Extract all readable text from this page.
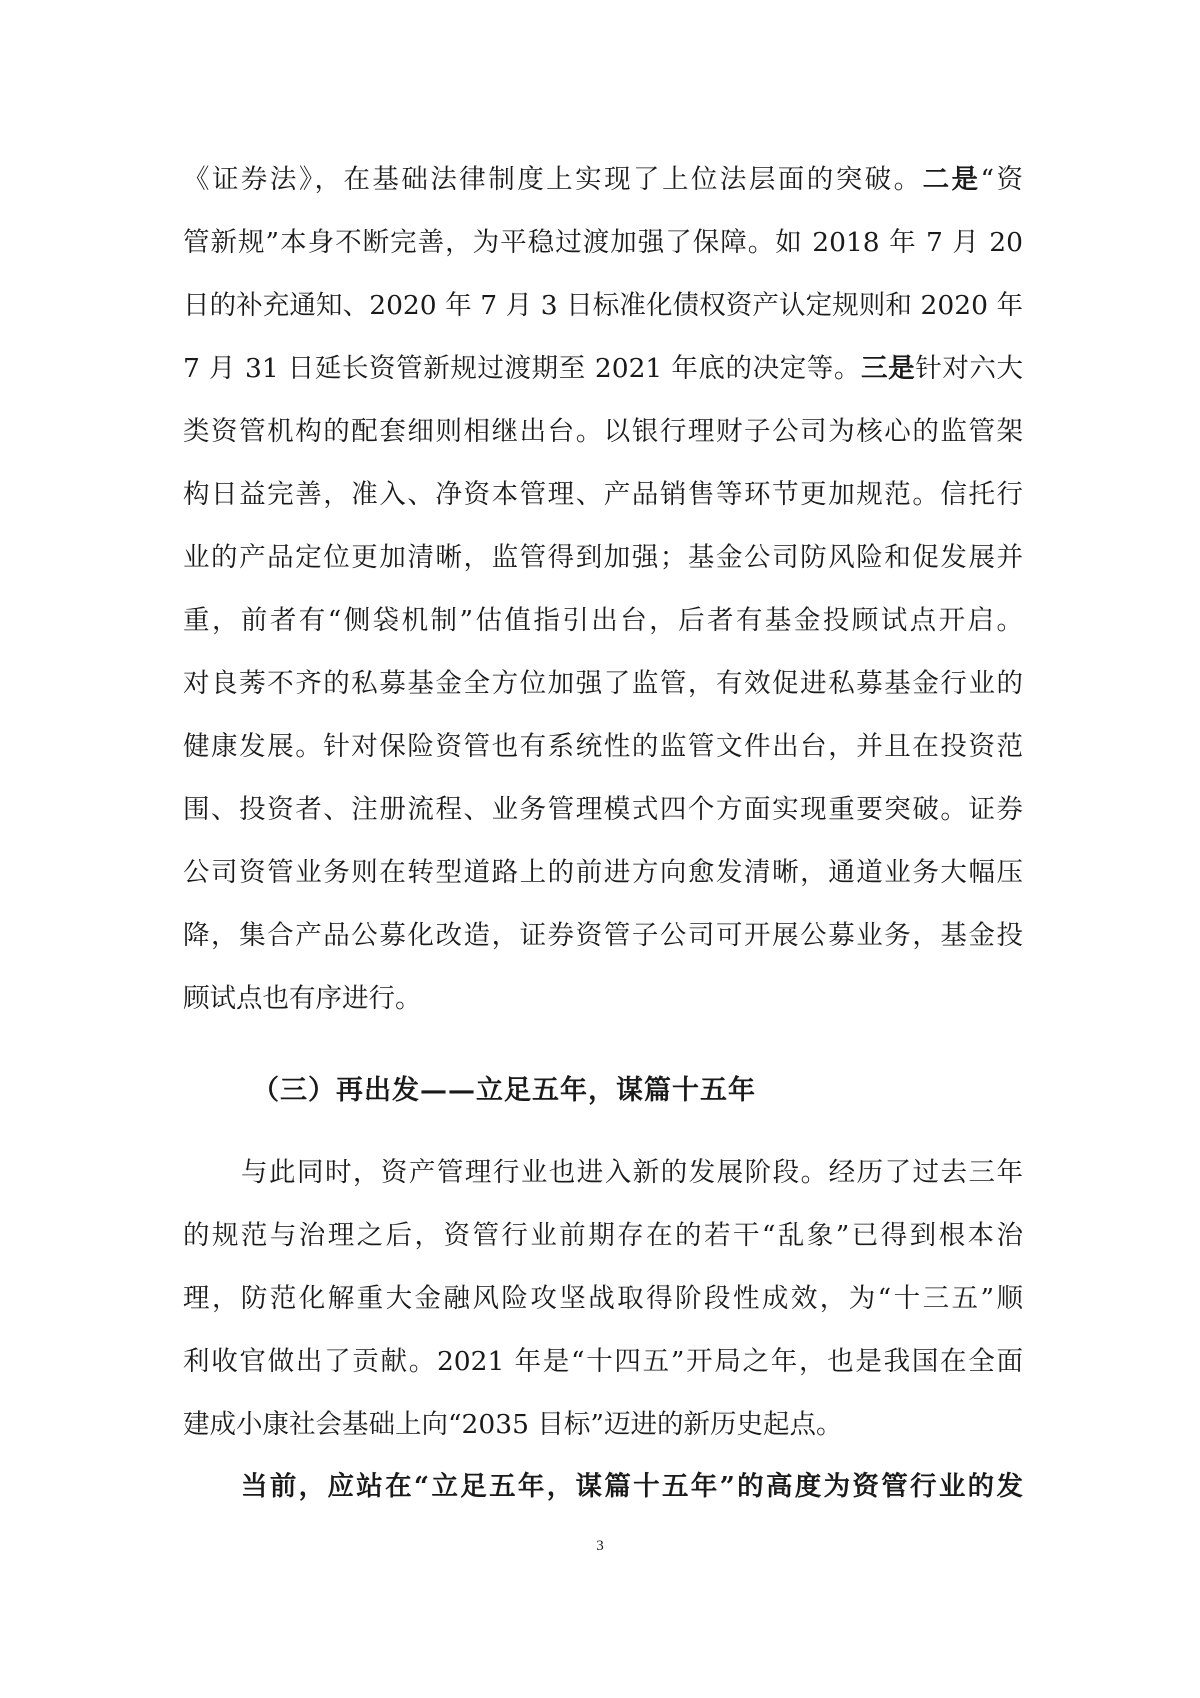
《证券法》，在基础法律制度上实现了上位法层面的突破。二是“资
管新规”本身不断完善，为平稳过渡加强了保障。如 2018 年 7 月 20
日的补充通知、2020 年 7 月 3 日标准化债权资产认定规则和 2020 年
7 月 31 日延长资管新规过渡期至 2021 年底的决定等。三是针对六大
类资管机构的配套细则相继出台。以银行理财子公司为核心的监管架
构日益完善，准入、净资本管理、产品销售等环节更加规范。信托行
业的产品定位更加清晰，监管得到加强；基金公司防风险和促发展并
重，前者有“侧袋机制”估值指引出台，后者有基金投顾试点开启。
对良莠不齐的私募基金全方位加强了监管，有效促进私募基金行业的
健康发展。针对保险资管也有系统性的监管文件出台，并且在投资范
围、投资者、注册流程、业务管理模式四个方面实现重要突破。证券
公司资管业务则在转型道路上的前进方向愈发清晰，通道业务大幅压
降，集合产品公募化改造，证券资管子公司可开展公募业务，基金投
顾试点也有序进行。
（三）再出发——立足五年，谋篇十五年
与此同时，资产管理行业也进入新的发展阶段。经历了过去三年
的规范与治理之后，资管行业前期存在的若干“乱象”已得到根本治
理，防范化解重大金融风险攻坚战取得阶段性成效，为“十三五”顺
利收官做出了贡献。2021 年是“十四五”开局之年，也是我国在全面
建成小康社会基础上向“2035 目标”迈进的新历史起点。
当前，应站在“立足五年，谋篇十五年”的高度为资管行业的发
3
